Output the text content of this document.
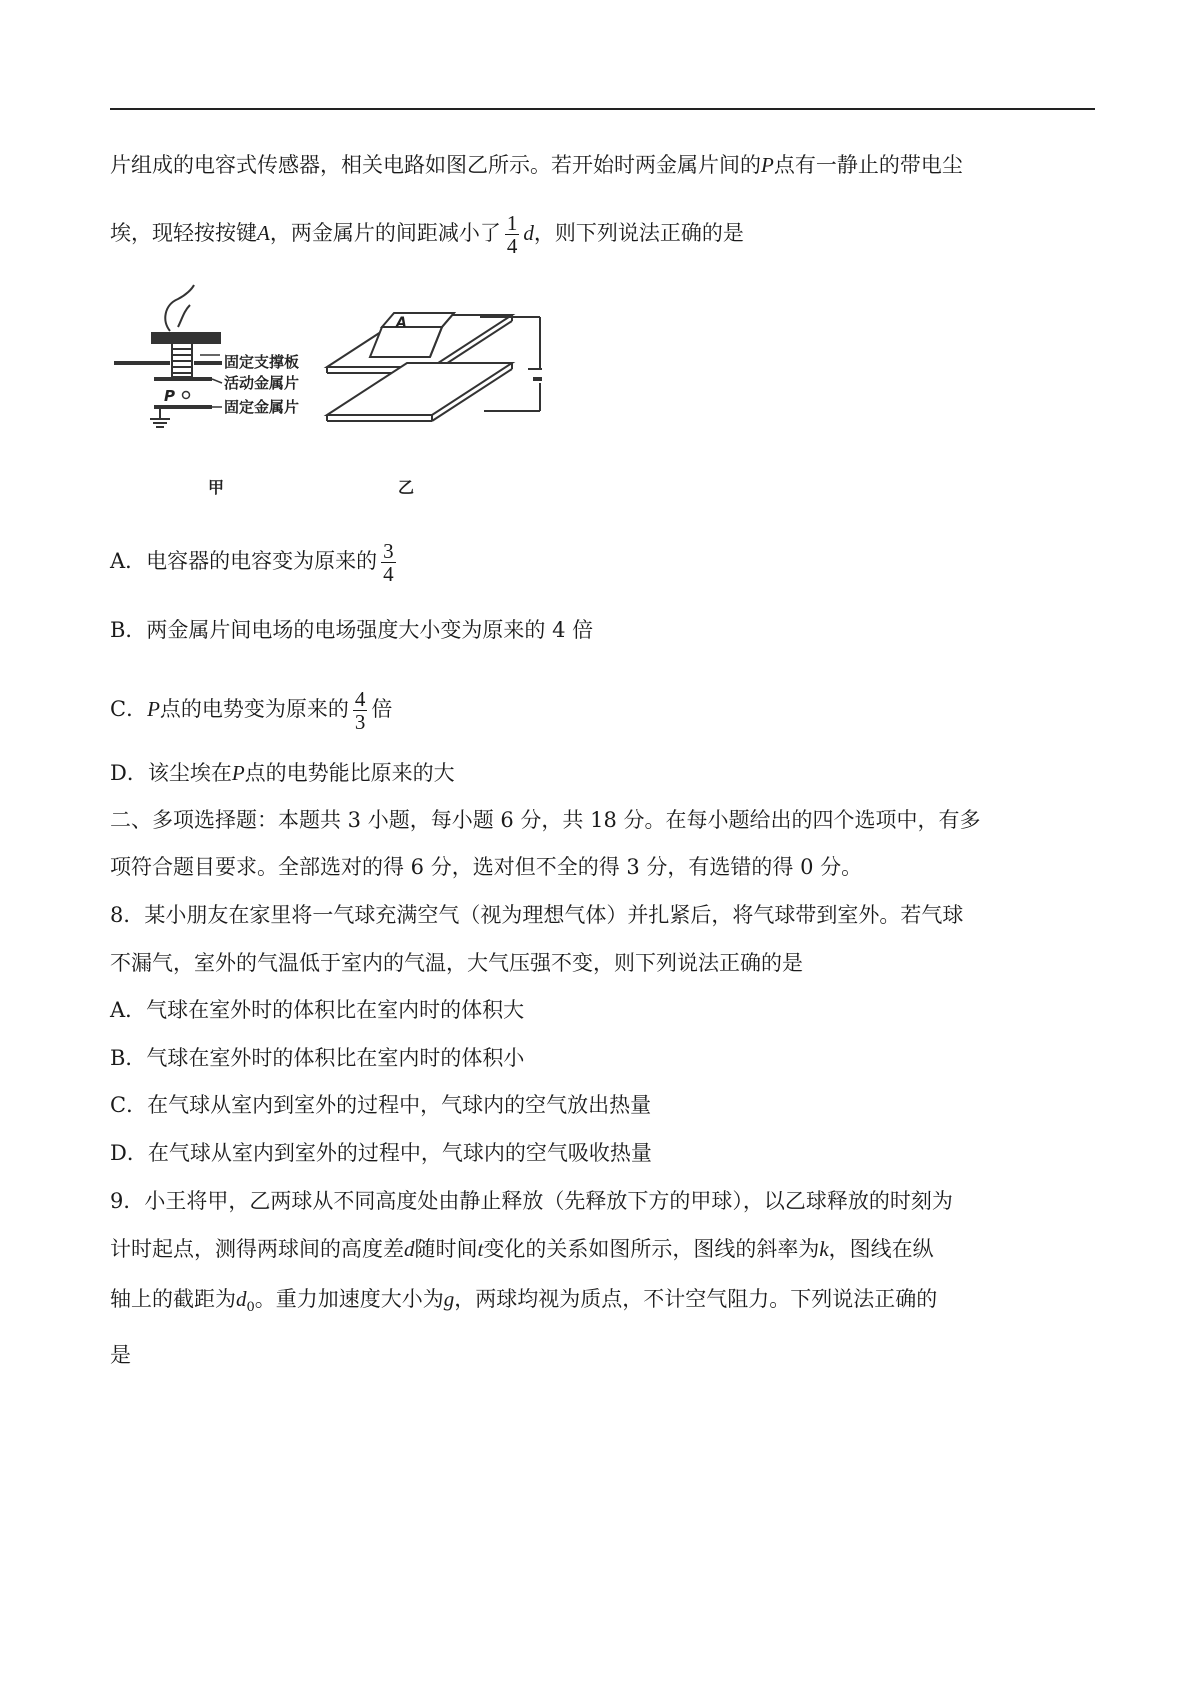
片组成的电容式传感器，相关电路如图乙所示。若开始时两金属片间的P点有一静止的带电尘
埃，现轻按按键A，两金属片的间距减小了 $\frac{1}{4}$ d，则下列说法正确的是
P
固定支撑板
活动金属片
固定金属片
甲
A
乙
A．电容器的电容变为原来的 $\frac{3}{4}$
B．两金属片间电场的电场强度大小变为原来的 4 倍
C．P点的电势变为原来的 $\frac{4}{3}$ 倍
D．该尘埃在P点的电势能比原来的大
二、多项选择题：本题共 3 小题，每小题 6 分，共 18 分。在每小题给出的四个选项中，有多
项符合题目要求。全部选对的得 6 分，选对但不全的得 3 分，有选错的得 0 分。
8．某小朋友在家里将一气球充满空气（视为理想气体）并扎紧后，将气球带到室外。若气球
不漏气，室外的气温低于室内的气温，大气压强不变，则下列说法正确的是
A．气球在室外时的体积比在室内时的体积大
B．气球在室外时的体积比在室内时的体积小
C．在气球从室内到室外的过程中，气球内的空气放出热量
D．在气球从室内到室外的过程中，气球内的空气吸收热量
9．小王将甲，乙两球从不同高度处由静止释放（先释放下方的甲球），以乙球释放的时刻为
计时起点，测得两球间的高度差d随时间t变化的关系如图所示，图线的斜率为k，图线在纵
轴上的截距为$d_0$。重力加速度大小为g，两球均视为质点，不计空气阻力。下列说法正确的
是
